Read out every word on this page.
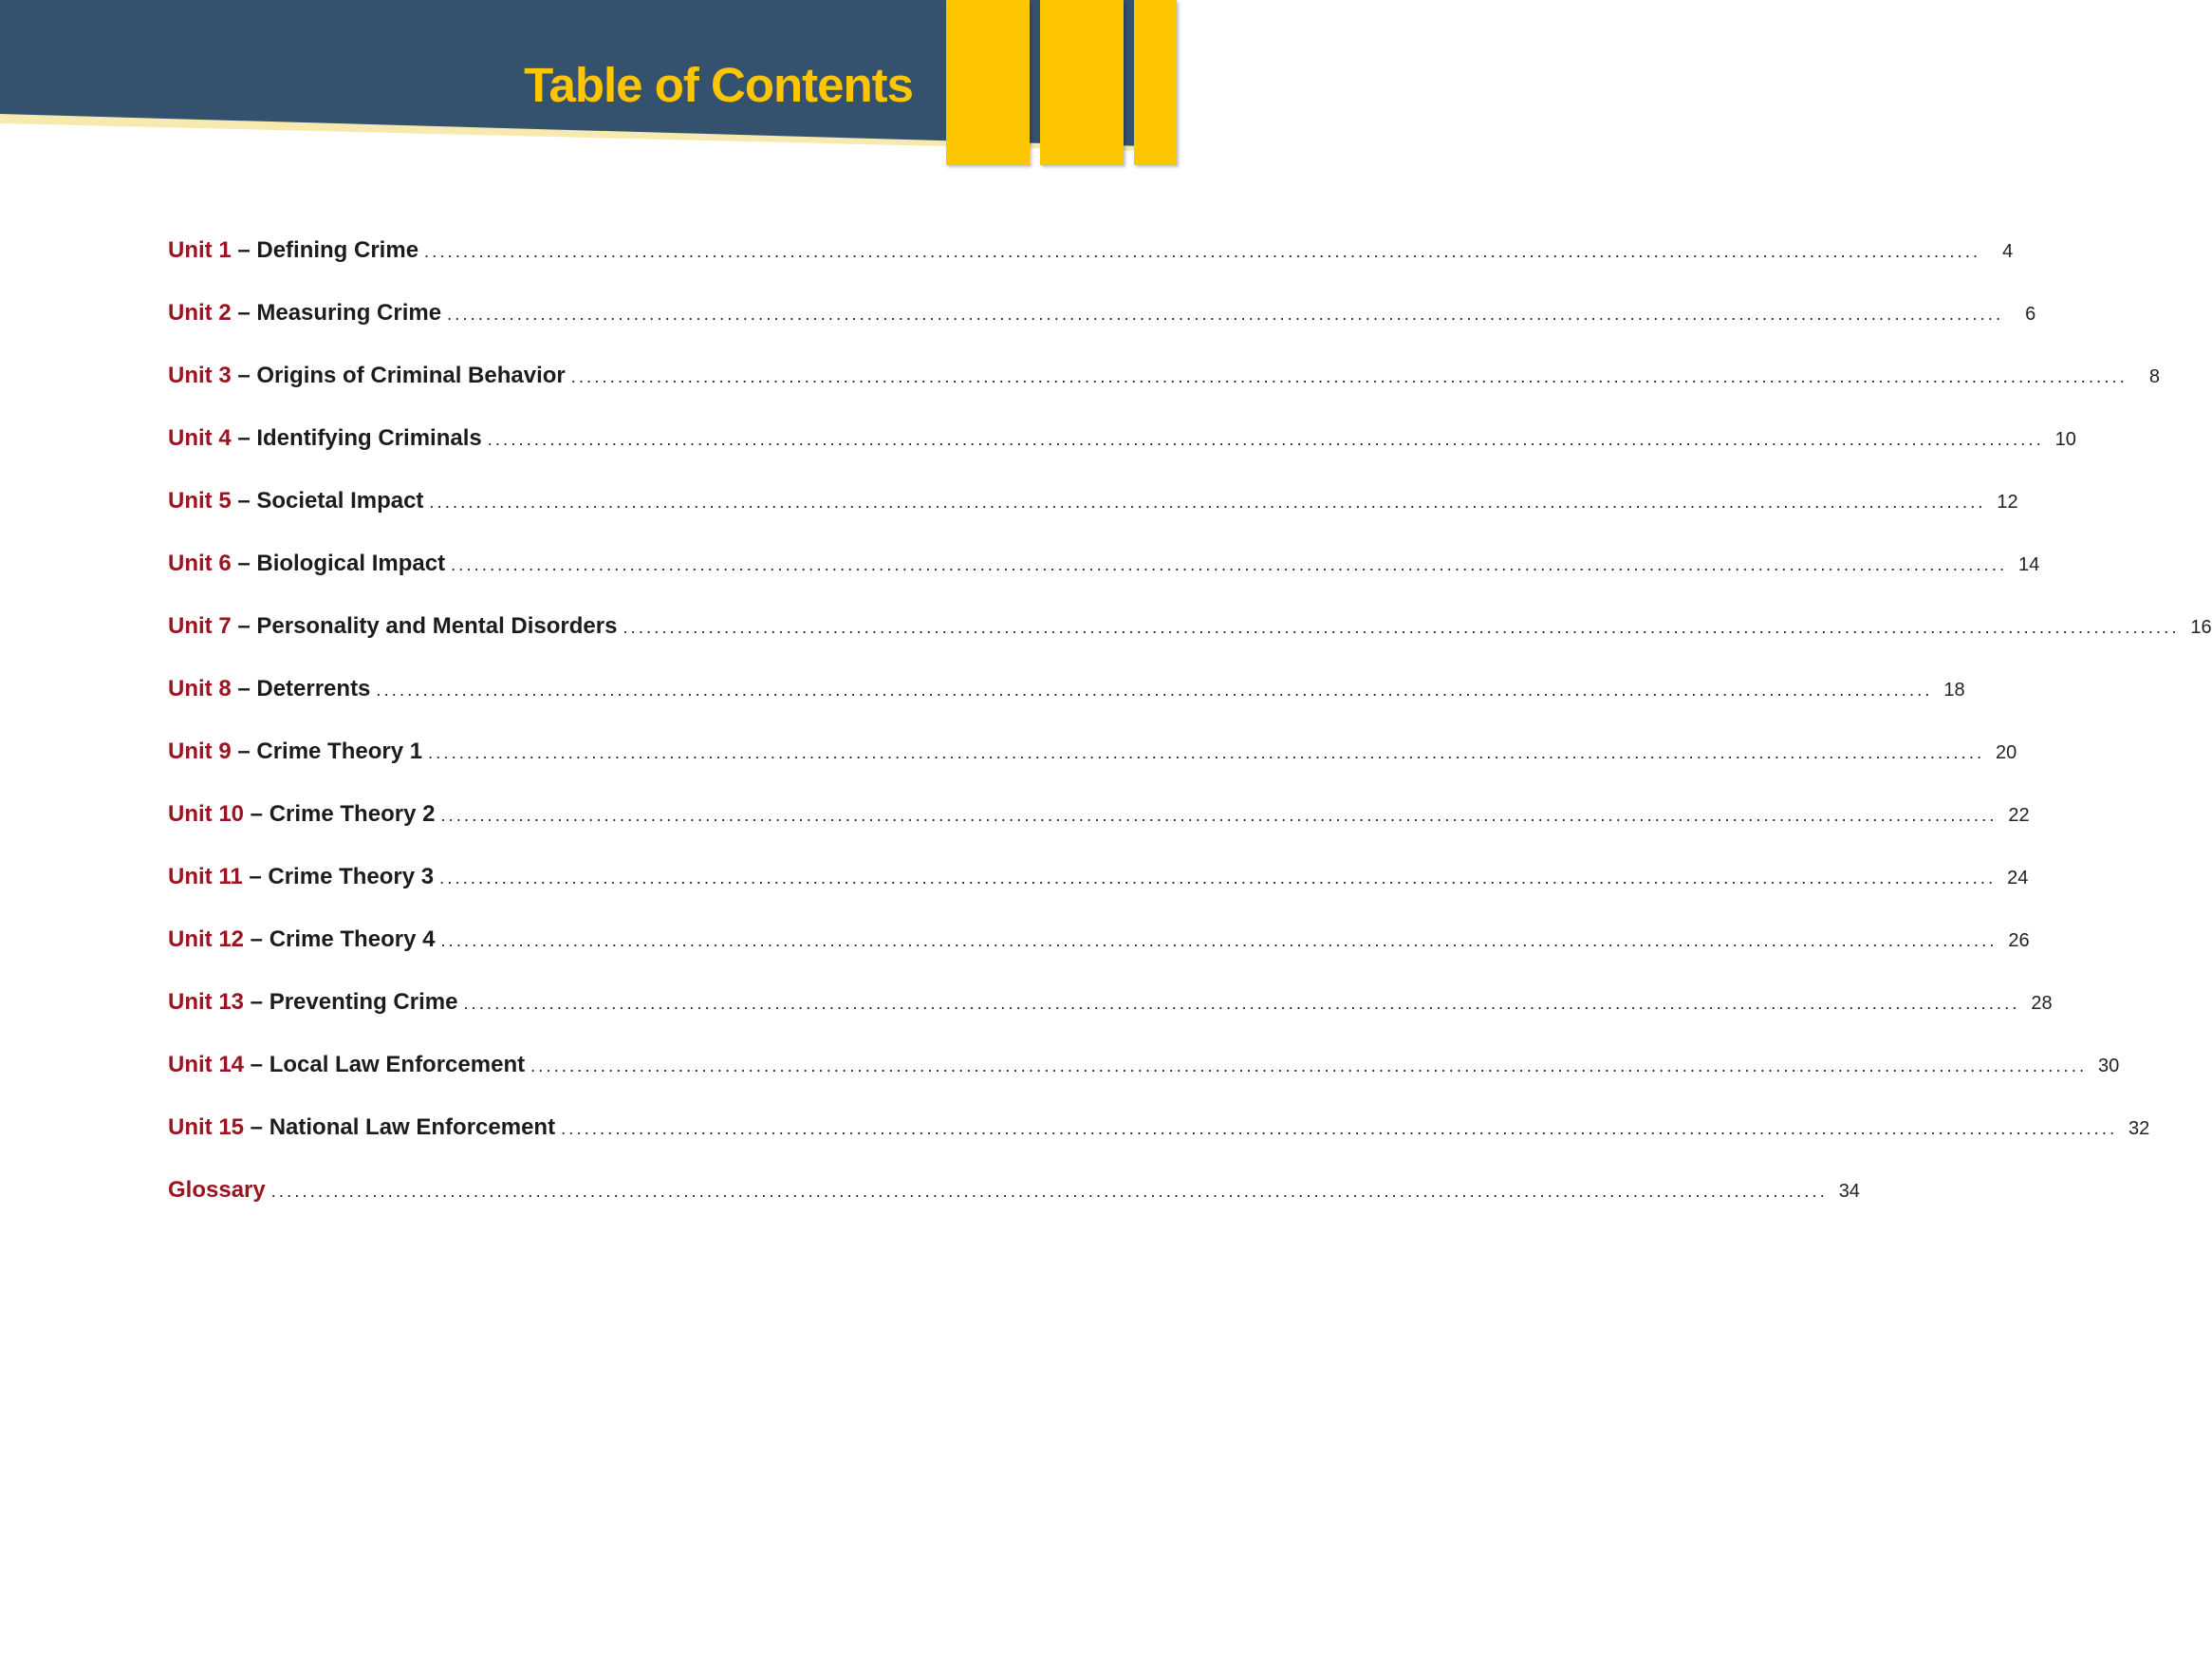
Table of Contents
Unit 1 – Defining Crime ........................................................................................................................................................................................................	4
Unit 2 – Measuring Crime ........................................................................................................................................................................................................	6
Unit 3 – Origins of Criminal Behavior ........................................................................................................................................................................................................	8
Unit 4 – Identifying Criminals ........................................................................................................................................................................................................ 10
Unit 5 – Societal Impact ........................................................................................................................................................................................................ 12
Unit 6 – Biological Impact ........................................................................................................................................................................................................ 14
Unit 7 – Personality and Mental Disorders ........................................................................................................................................................................................................ 16
Unit 8 – Deterrents ........................................................................................................................................................................................................ 18
Unit 9 – Crime Theory 1 ........................................................................................................................................................................................................ 20
Unit 10 – Crime Theory 2 ........................................................................................................................................................................................................ 22
Unit 11 – Crime Theory 3 ........................................................................................................................................................................................................ 24
Unit 12 – Crime Theory 4 ........................................................................................................................................................................................................ 26
Unit 13 – Preventing Crime ........................................................................................................................................................................................................ 28
Unit 14 – Local Law Enforcement ........................................................................................................................................................................................................ 30
Unit 15 – National Law Enforcement ........................................................................................................................................................................................................ 32
Glossary ........................................................................................................................................................................................................ 34
